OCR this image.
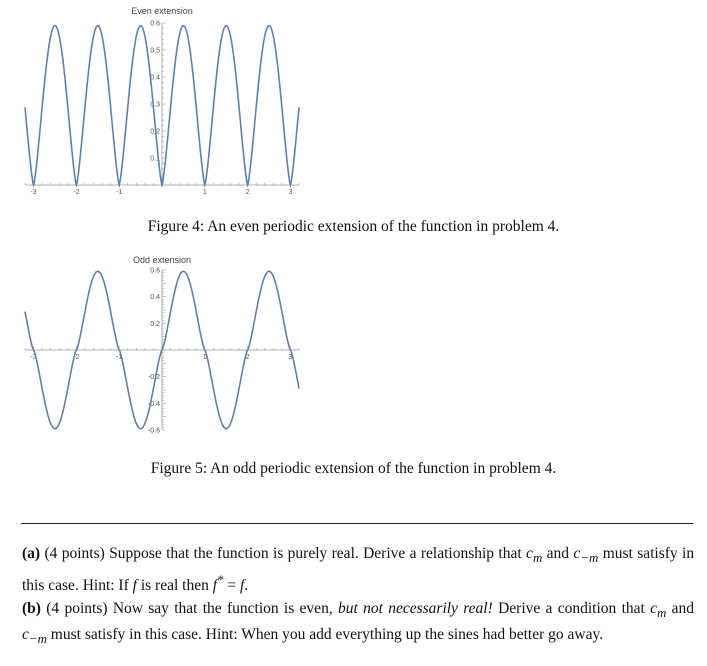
Even extension
-3	-2	-1	1	2	3
0.6
0.5
0.4
0.3
0.2
0.1
Figure 4: An even periodic extension of the function in problem 4.
Odd extension
-3	-2	-1	1	2	3
0.6
0.4
0.2
-0.2
-0.4
-0.6
Figure 5: An odd periodic extension of the function in problem 4.
(a) (4 points) Suppose that the function is purely real. Derive a relationship that $c_m$ and $c_{-m}$ must satisfy in this case. Hint: If f is real then f* = f.
(b) (4 points) Now say that the function is even, but not necessarily real! Derive a condition that $c_m$ and $c_{-m}$ must satisfy in this case. Hint: When you add everything up the sines had better go away.
